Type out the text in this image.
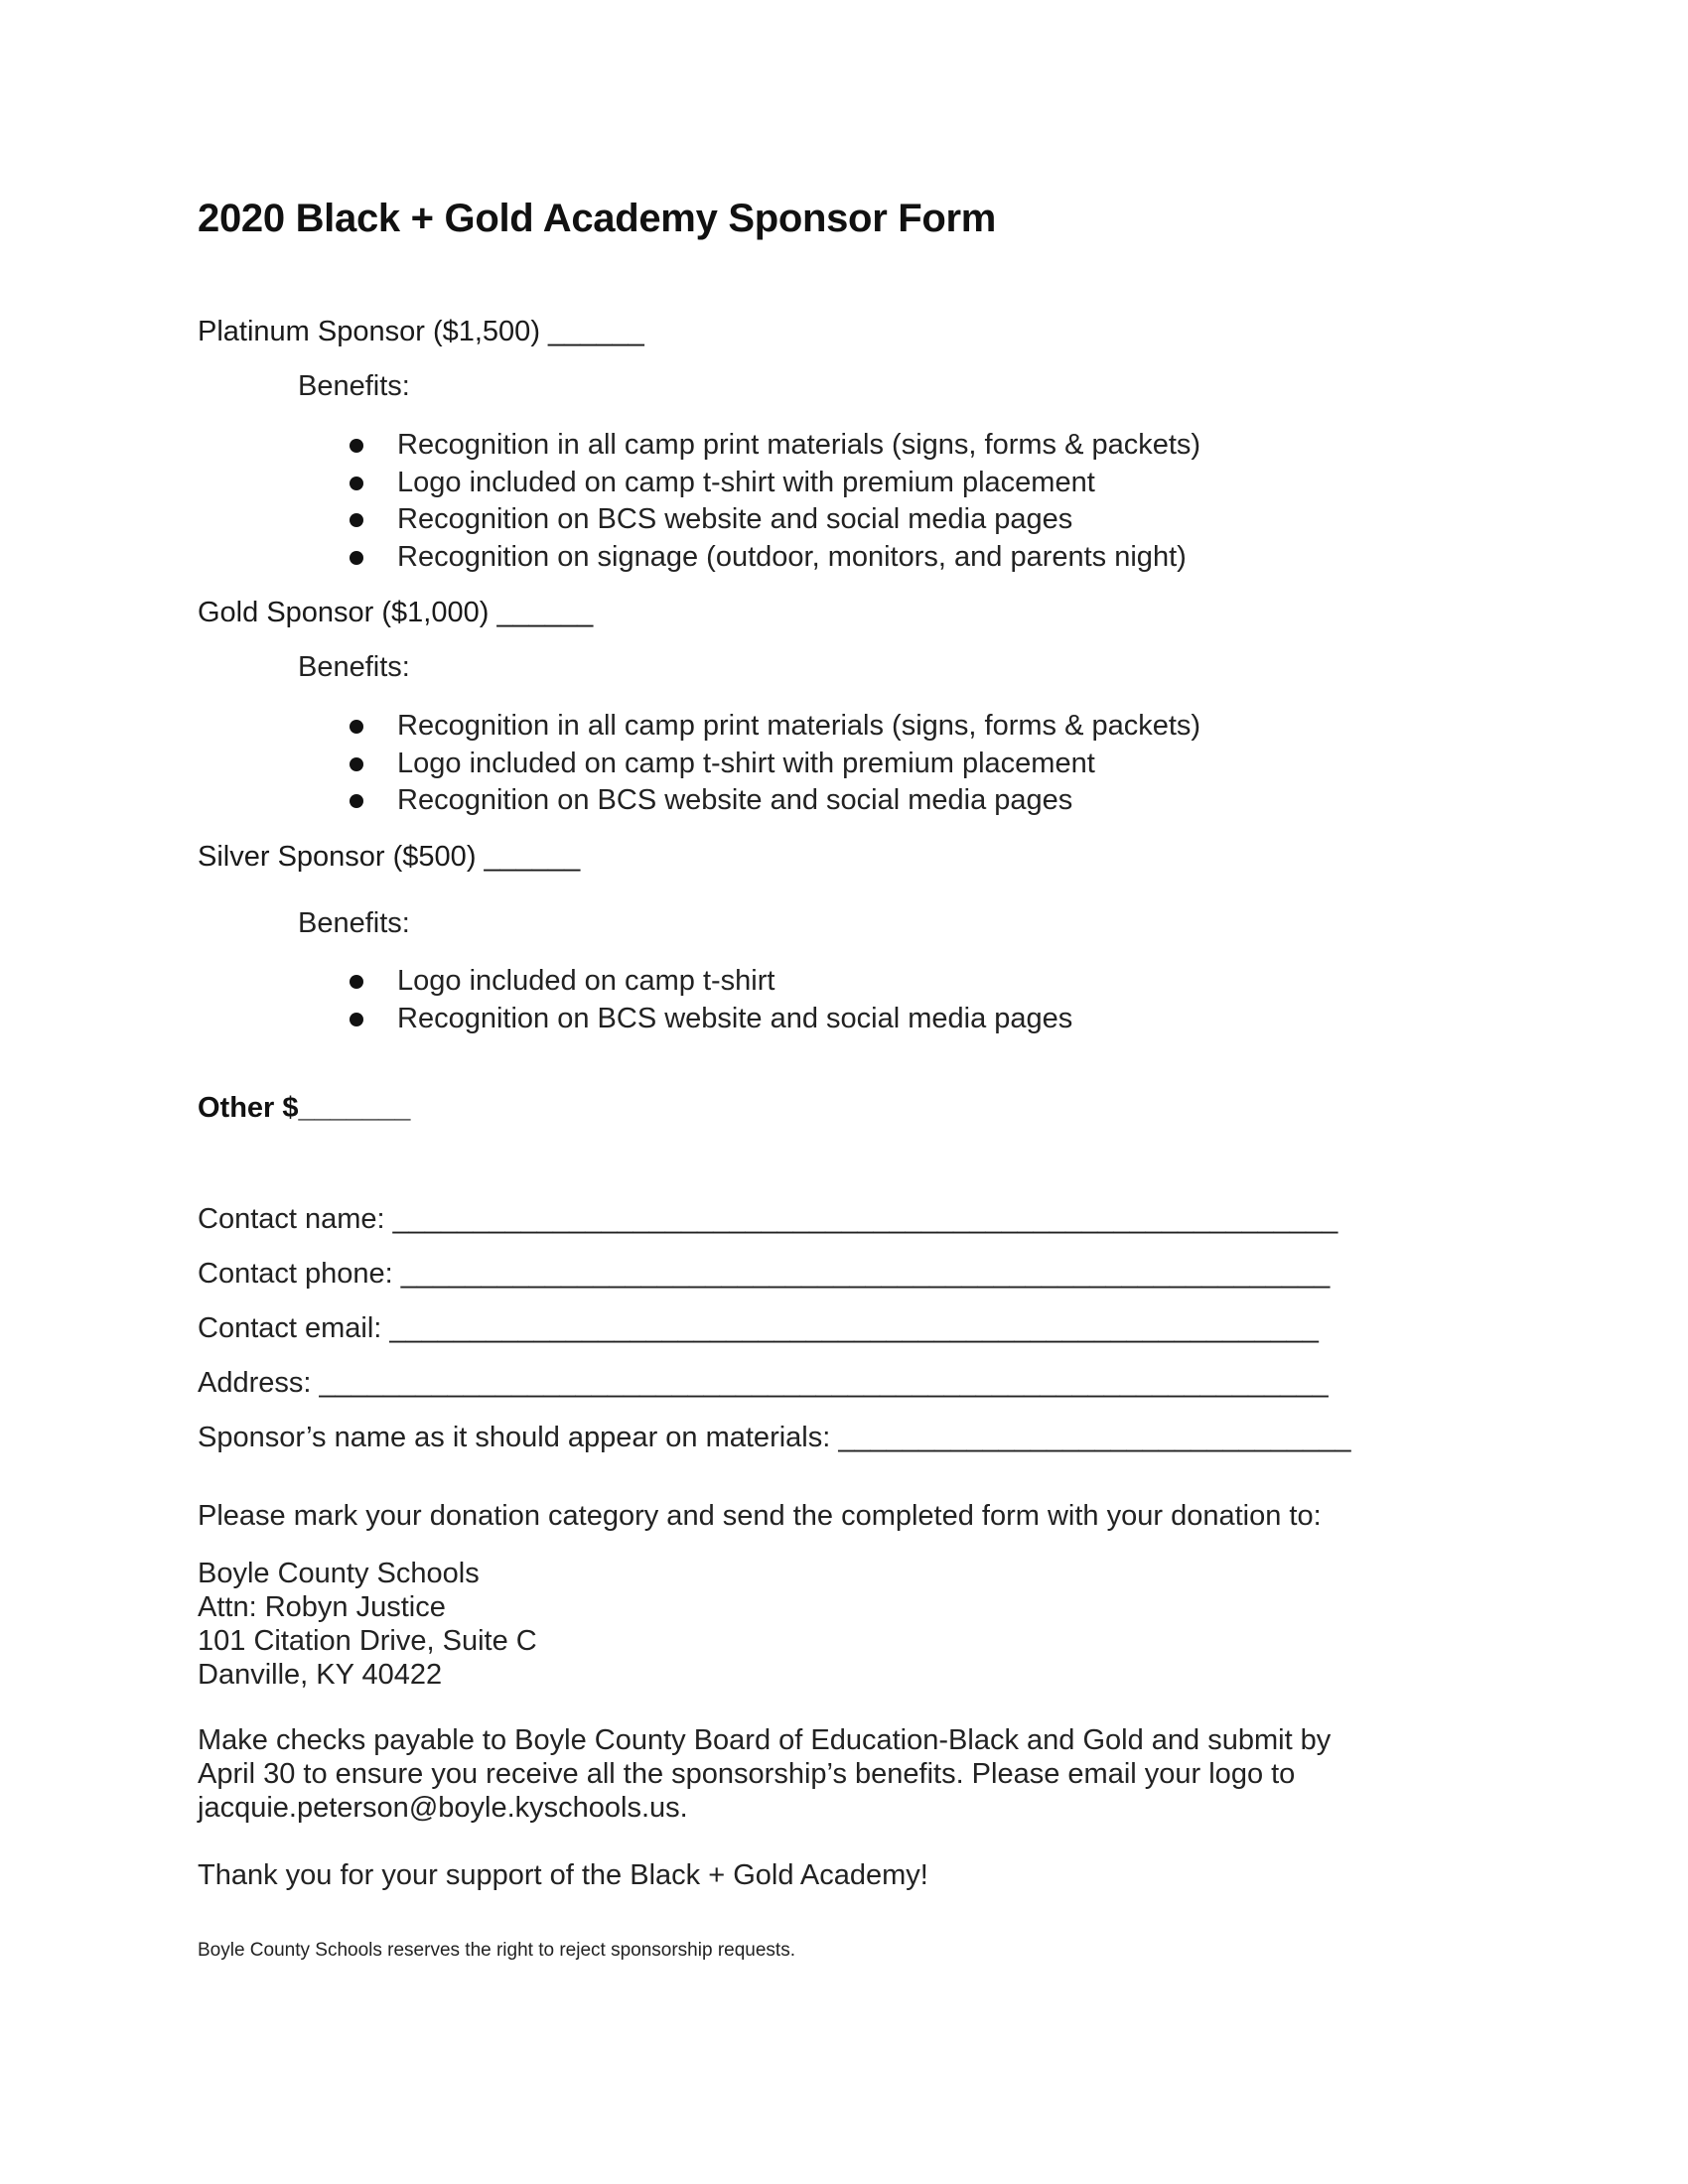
2020 Black + Gold Academy Sponsor Form
Platinum Sponsor ($1,500) ______
Benefits:
Recognition in all camp print materials (signs, forms & packets)
Logo included on camp t-shirt with premium placement
Recognition on BCS website and social media pages
Recognition on signage (outdoor, monitors, and parents night)
Gold Sponsor ($1,000) ______
Benefits:
Recognition in all camp print materials (signs, forms & packets)
Logo included on camp t-shirt with premium placement
Recognition on BCS website and social media pages
Silver Sponsor ($500) ______
Benefits:
Logo included on camp t-shirt
Recognition on BCS website and social media pages
Other $_______
Contact name: ___________________________________________________________
Contact phone: __________________________________________________________
Contact email: __________________________________________________________
Address: _______________________________________________________________
Sponsor’s name as it should appear on materials: ________________________________
Please mark your donation category and send the completed form with your donation to:
Boyle County Schools
Attn: Robyn Justice
101 Citation Drive, Suite C
Danville, KY 40422
Make checks payable to Boyle County Board of Education-Black and Gold and submit by
April 30 to ensure you receive all the sponsorship’s benefits. Please email your logo to
jacquie.peterson@boyle.kyschools.us.
Thank you for your support of the Black + Gold Academy!
Boyle County Schools reserves the right to reject sponsorship requests.
